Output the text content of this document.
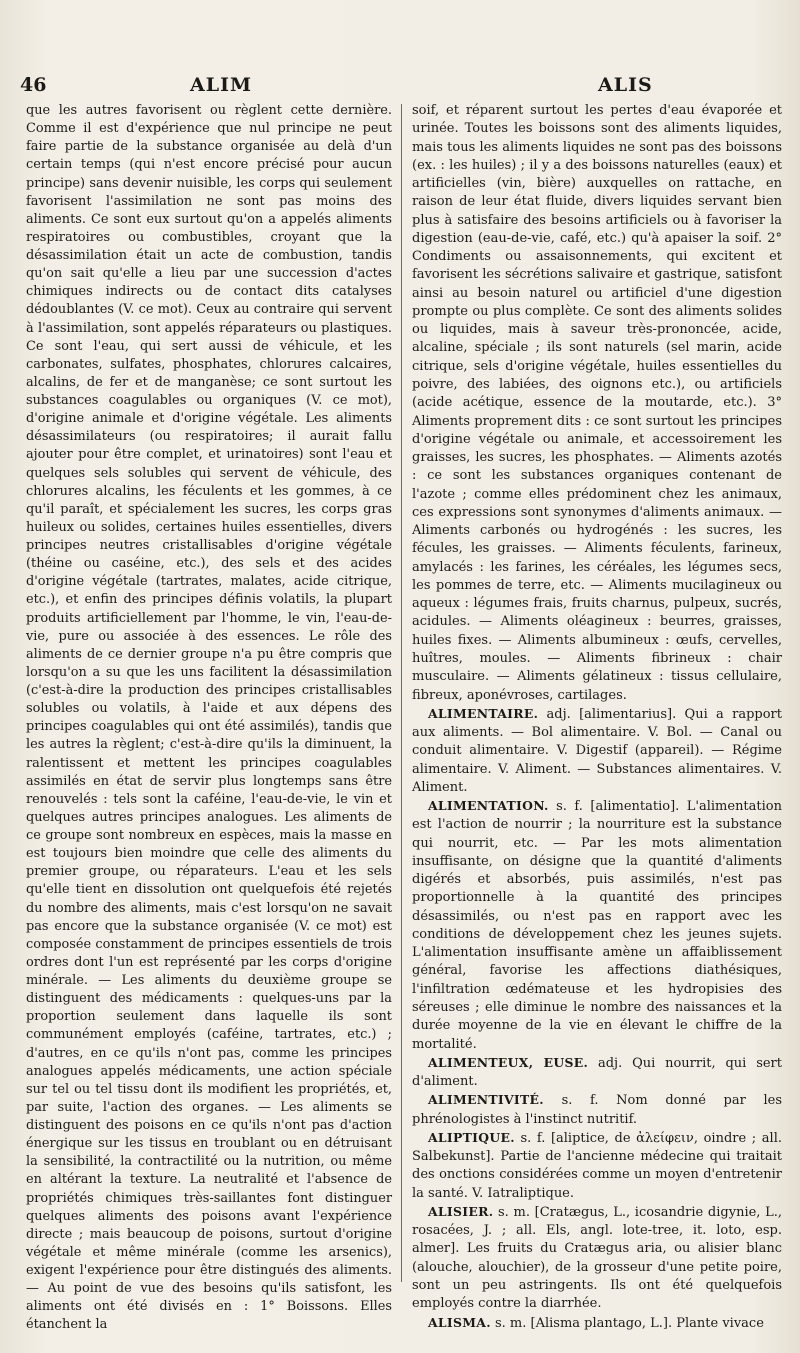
46	ALIM	ALIS

que les autres favorisent ou règlent cette dernière. Comme il est d'expérience que nul principe ne peut faire partie de la substance organisée au delà d'un certain temps (qui n'est encore précisé pour aucun principe) sans devenir nuisible, les corps qui seulement favorisent l'assimilation ne sont pas moins des aliments. Ce sont eux surtout qu'on a appelés aliments respiratoires ou combustibles, croyant que la désassimilation était un acte de combustion, tandis qu'on sait qu'elle a lieu par une succession d'actes chimiques indirects ou de contact dits catalyses dédoublantes (V. ce mot). Ceux au contraire qui servent à l'assimilation, sont appelés réparateurs ou plastiques. Ce sont l'eau, qui sert aussi de véhicule, et les carbonates, sulfates, phosphates, chlorures calcaires, alcalins, de fer et de manganèse; ce sont surtout les substances coagulables ou organiques (V. ce mot), d'origine animale et d'origine végétale. Les aliments désassimilateurs (ou respiratoires; il aurait fallu ajouter pour être complet, et urinatoires) sont l'eau et quelques sels solubles qui servent de véhicule, des chlorures alcalins, les féculents et les gommes, à ce qu'il paraît, et spécialement les sucres, les corps gras huileux ou solides, certaines huiles essentielles, divers principes neutres cristallisables d'origine végétale (théine ou caséine, etc.), des sels et des acides d'origine végétale (tartrates, malates, acide citrique, etc.), et enfin des principes définis volatils, la plupart produits artificiellement par l'homme, le vin, l'eau-de-vie, pure ou associée à des essences. Le rôle des aliments de ce dernier groupe n'a pu être compris que lorsqu'on a su que les uns facilitent la désassimilation (c'est-à-dire la production des principes cristallisables solubles ou volatils, à l'aide et aux dépens des principes coagulables qui ont été assimilés), tandis que les autres la règlent; c'est-à-dire qu'ils la diminuent, la ralentissent et mettent les principes coagulables assimilés en état de servir plus longtemps sans être renouvelés : tels sont la caféine, l'eau-de-vie, le vin et quelques autres principes analogues. Les aliments de ce groupe sont nombreux en espèces, mais la masse en est toujours bien moindre que celle des aliments du premier groupe, ou réparateurs. L'eau et les sels qu'elle tient en dissolution ont quelquefois été rejetés du nombre des aliments, mais c'est lorsqu'on ne savait pas encore que la substance organisée (V. ce mot) est composée constamment de principes essentiels de trois ordres dont l'un est représenté par les corps d'origine minérale. — Les aliments du deuxième groupe se distinguent des médicaments : quelques-uns par la proportion seulement dans laquelle ils sont communément employés (caféine, tartrates, etc.) ; d'autres, en ce qu'ils n'ont pas, comme les principes analogues appelés médicaments, une action spéciale sur tel ou tel tissu dont ils modifient les propriétés, et, par suite, l'action des organes. — Les aliments se distinguent des poisons en ce qu'ils n'ont pas d'action énergique sur les tissus en troublant ou en détruisant la sensibilité, la contractilité ou la nutrition, ou même en altérant la texture. La neutralité et l'absence de propriétés chimiques très-saillantes font distinguer quelques aliments des poisons avant l'expérience directe ; mais beaucoup de poisons, surtout d'origine végétale et même minérale (comme les arsenics), exigent l'expérience pour être distingués des aliments. — Au point de vue des besoins qu'ils satisfont, les aliments ont été divisés en : 1° Boissons. Elles étanchent la

soif, et réparent surtout les pertes d'eau évaporée et urinée. Toutes les boissons sont des aliments liquides, mais tous les aliments liquides ne sont pas des boissons (ex. : les huiles) ; il y a des boissons naturelles (eaux) et artificielles (vin, bière) auxquelles on rattache, en raison de leur état fluide, divers liquides servant bien plus à satisfaire des besoins artificiels ou à favoriser la digestion (eau-de-vie, café, etc.) qu'à apaiser la soif. 2° Condiments ou assaisonnements, qui excitent et favorisent les sécrétions salivaire et gastrique, satisfont ainsi au besoin naturel ou artificiel d'une digestion prompte ou plus complète. Ce sont des aliments solides ou liquides, mais à saveur très-prononcée, acide, alcaline, spéciale ; ils sont naturels (sel marin, acide citrique, sels d'origine végétale, huiles essentielles du poivre, des labiées, des oignons etc.), ou artificiels (acide acétique, essence de la moutarde, etc.). 3° Aliments proprement dits : ce sont surtout les principes d'origine végétale ou animale, et accessoirement les graisses, les sucres, les phosphates. — Aliments azotés : ce sont les substances organiques contenant de l'azote ; comme elles prédominent chez les animaux, ces expressions sont synonymes d'aliments animaux. — Aliments carbonés ou hydrogénés : les sucres, les fécules, les graisses. — Aliments féculents, farineux, amylacés : les farines, les céréales, les légumes secs, les pommes de terre, etc. — Aliments mucilagineux ou aqueux : légumes frais, fruits charnus, pulpeux, sucrés, acidules. — Aliments oléagineux : beurres, graisses, huiles fixes. — Aliments albumineux : œufs, cervelles, huîtres, moules. — Aliments fibrineux : chair musculaire. — Aliments gélatineux : tissus cellulaire, fibreux, aponévroses, cartilages.

ALIMENTAIRE. adj. [alimentarius]. Qui a rapport aux aliments. — Bol alimentaire. V. Bol. — Canal ou conduit alimentaire. V. Digestif (appareil). — Régime alimentaire. V. Aliment. — Substances alimentaires. V. Aliment.

ALIMENTATION. s. f. [alimentatio]. L'alimentation est l'action de nourrir ; la nourriture est la substance qui nourrit, etc. — Par les mots alimentation insuffisante, on désigne que la quantité d'aliments digérés et absorbés, puis assimilés, n'est pas proportionnelle à la quantité des principes désassimilés, ou n'est pas en rapport avec les conditions de développement chez les jeunes sujets. L'alimentation insuffisante amène un affaiblissement général, favorise les affections diathésiques, l'infiltration œdémateuse et les hydropisies des séreuses ; elle diminue le nombre des naissances et la durée moyenne de la vie en élevant le chiffre de la mortalité.

ALIMENTEUX, EUSE. adj. Qui nourrit, qui sert d'aliment.

ALIMENTIVITÉ. s. f. Nom donné par les phrénologistes à l'instinct nutritif.

ALIPTIQUE. s. f. [aliptice, de ἀλείφειν, oindre ; all. Salbekunst]. Partie de l'ancienne médecine qui traitait des onctions considérées comme un moyen d'entretenir la santé. V. Iatraliptique.

ALISIER. s. m. [Cratægus, L., icosandrie digynie, L., rosacées, J. ; all. Els, angl. lote-tree, it. loto, esp. almer]. Les fruits du Cratægus aria, ou alisier blanc (alouche, alouchier), de la grosseur d'une petite poire, sont un peu astringents. Ils ont été quelquefois employés contre la diarrhée.

ALISMA. s. m. [Alisma plantago, L.]. Plante vivace
